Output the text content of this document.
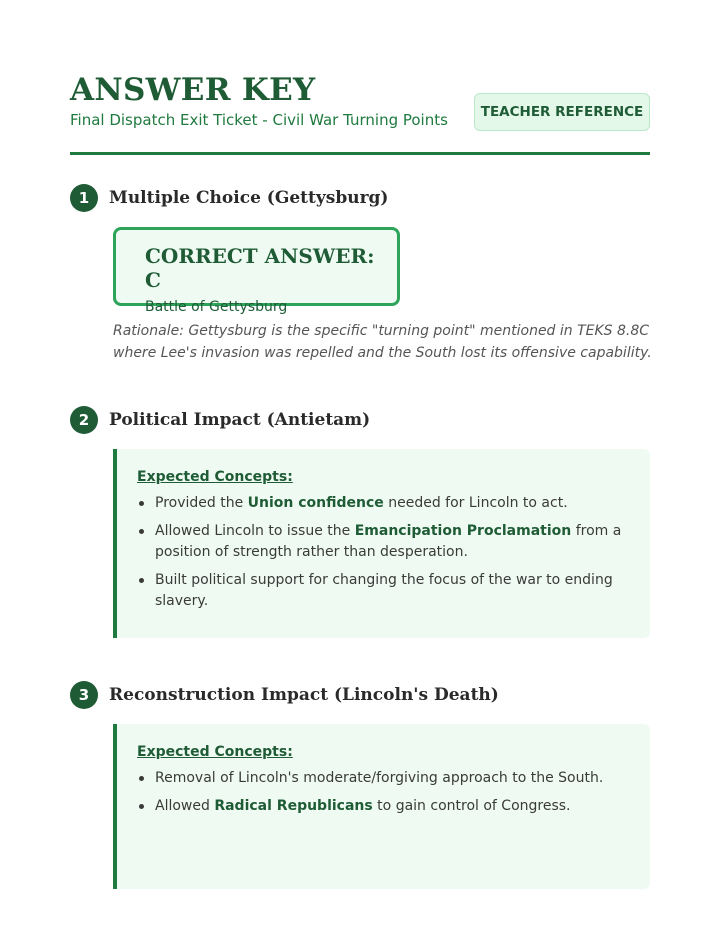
ANSWER KEY
Final Dispatch Exit Ticket - Civil War Turning Points	TEACHER REFERENCE
1	Multiple Choice (Gettysburg)
CORRECT ANSWER: C
Battle of Gettysburg
Rationale: Gettysburg is the specific "turning point" mentioned in TEKS 8.8C where Lee's invasion was repelled and the South lost its offensive capability.
2	Political Impact (Antietam)
Expected Concepts:
Provided the Union confidence needed for Lincoln to act.
Allowed Lincoln to issue the Emancipation Proclamation from a position of strength rather than desperation.
Built political support for changing the focus of the war to ending slavery.
3	Reconstruction Impact (Lincoln's Death)
Expected Concepts:
Removal of Lincoln's moderate/forgiving approach to the South.
Allowed Radical Republicans to gain control of Congress.
